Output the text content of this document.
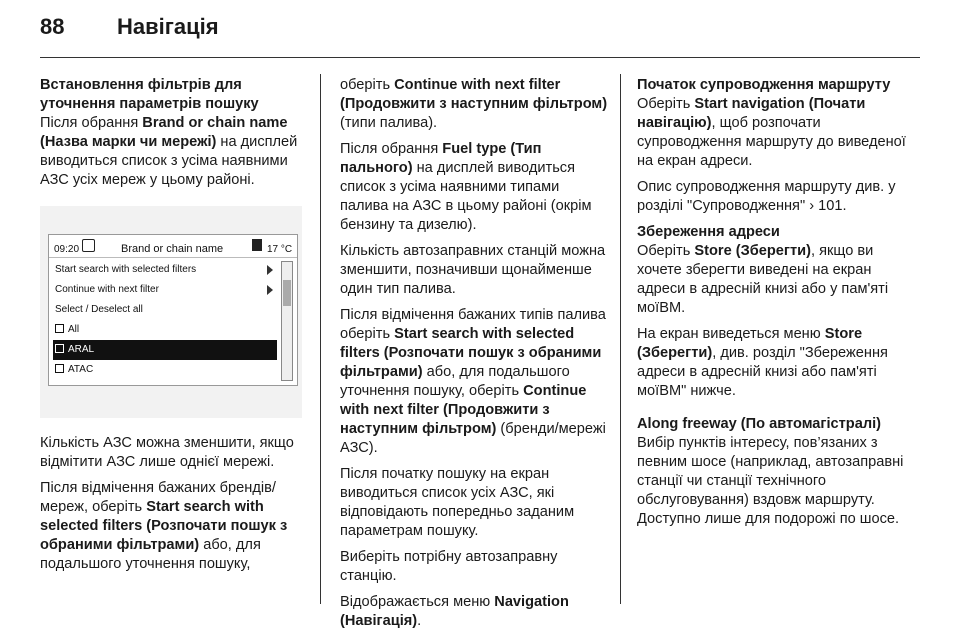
88 Навігація

Встановлення фільтрів для уточнення параметрів пошуку

Після обрання Brand or chain name (Назва марки чи мережі) на дисплей виводиться список з усіма наявними АЗС усіх мереж у цьому районі.

09:20	Brand or chain name	17 °C
Start search with selected filters
Continue with next filter
Select / Deselect all
All
ARAL
ATAC

Кількість АЗС можна зменшити, якщо відмітити АЗС лише однієї мережі.

Після відмічення бажаних брендів/ мереж, оберіть Start search with selected filters (Розпочати пошук з обраними фільтрами) або, для подальшого уточнення пошуку,

оберіть Continue with next filter (Продовжити з наступним фільтром) (типи палива).

Після обрання Fuel type (Тип пального) на дисплей виводиться список з усіма наявними типами палива на АЗС в цьому районі (окрім бензину та дизелю).

Кількість автозаправних станцій можна зменшити, позначивши щонайменше один тип палива.

Після відмічення бажаних типів палива оберіть Start search with selected filters (Розпочати пошук з обраними фільтрами) або, для подальшого уточнення пошуку, оберіть Continue with next filter (Продовжити з наступним фільтром) (бренди/мережі АЗС).

Після початку пошуку на екран виводиться список усіх АЗС, які відповідають попередньо заданим параметрам пошуку.

Виберіть потрібну автозаправну станцію.

Відображається меню Navigation (Навігація).

Початок супроводження маршруту

Оберіть Start navigation (Почати навігацію), щоб розпочати супроводження маршруту до виведеної на екран адреси.

Опис супроводження маршруту див. у розділі "Супроводження" › 101.

Збереження адреси

Оберіть Store (Зберегти), якщо ви хочете зберегти виведені на екран адреси в адресній книзі або у пам'яті моїВМ.

На екран виведеться меню Store (Зберегти), див. розділ "Збереження адреси в адресній книзі або пам'яті моїВМ" нижче.

Along freeway (По автомагістралі)

Вибір пунктів інтересу, пов’язаних з певним шосе (наприклад, автозаправні станції чи станції технічного обслуговування) вздовж маршруту. Доступно лише для подорожі по шосе.
